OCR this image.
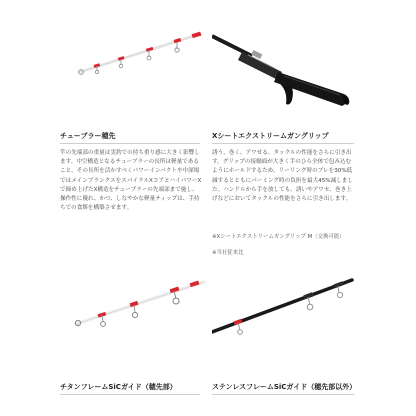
チューブラー穂先
竿の先端部の重量は実釣での持ち重り感に大きく影響します。中空構造となるチューブラーの長所は軽量であること。その長所を活かすべくパワーインパクトや中深場ではメインブランクスをスパイラルXコアとハイパワーXで締め上げたX構造をチューブラーの先端部まで施し、操作性に優れ、かつ、しなやかな軽量ティップは、手持ちでの食餌を構築させます。
Xシートエクストリームガングリップ
誘う、巻く、アワせる、タックルの性能をさらに引き出す。グリップの接触面が大きく手のひら全体で包み込むようにホールドするため、リーリング時のブレを30%低減するとともにパーミング時の負担を最大45%減しました。ハンドルから手を放しても、誘いやアワセ、巻き上げなどにおいてタックルの性能をさらに引き出します。
※Xシートエクストリームガングリップ M（交換可能）
※当社従来比
チタンフレームSiCガイド（穂先部）	ステンレスフレームSiCガイド（穂先部以外）
